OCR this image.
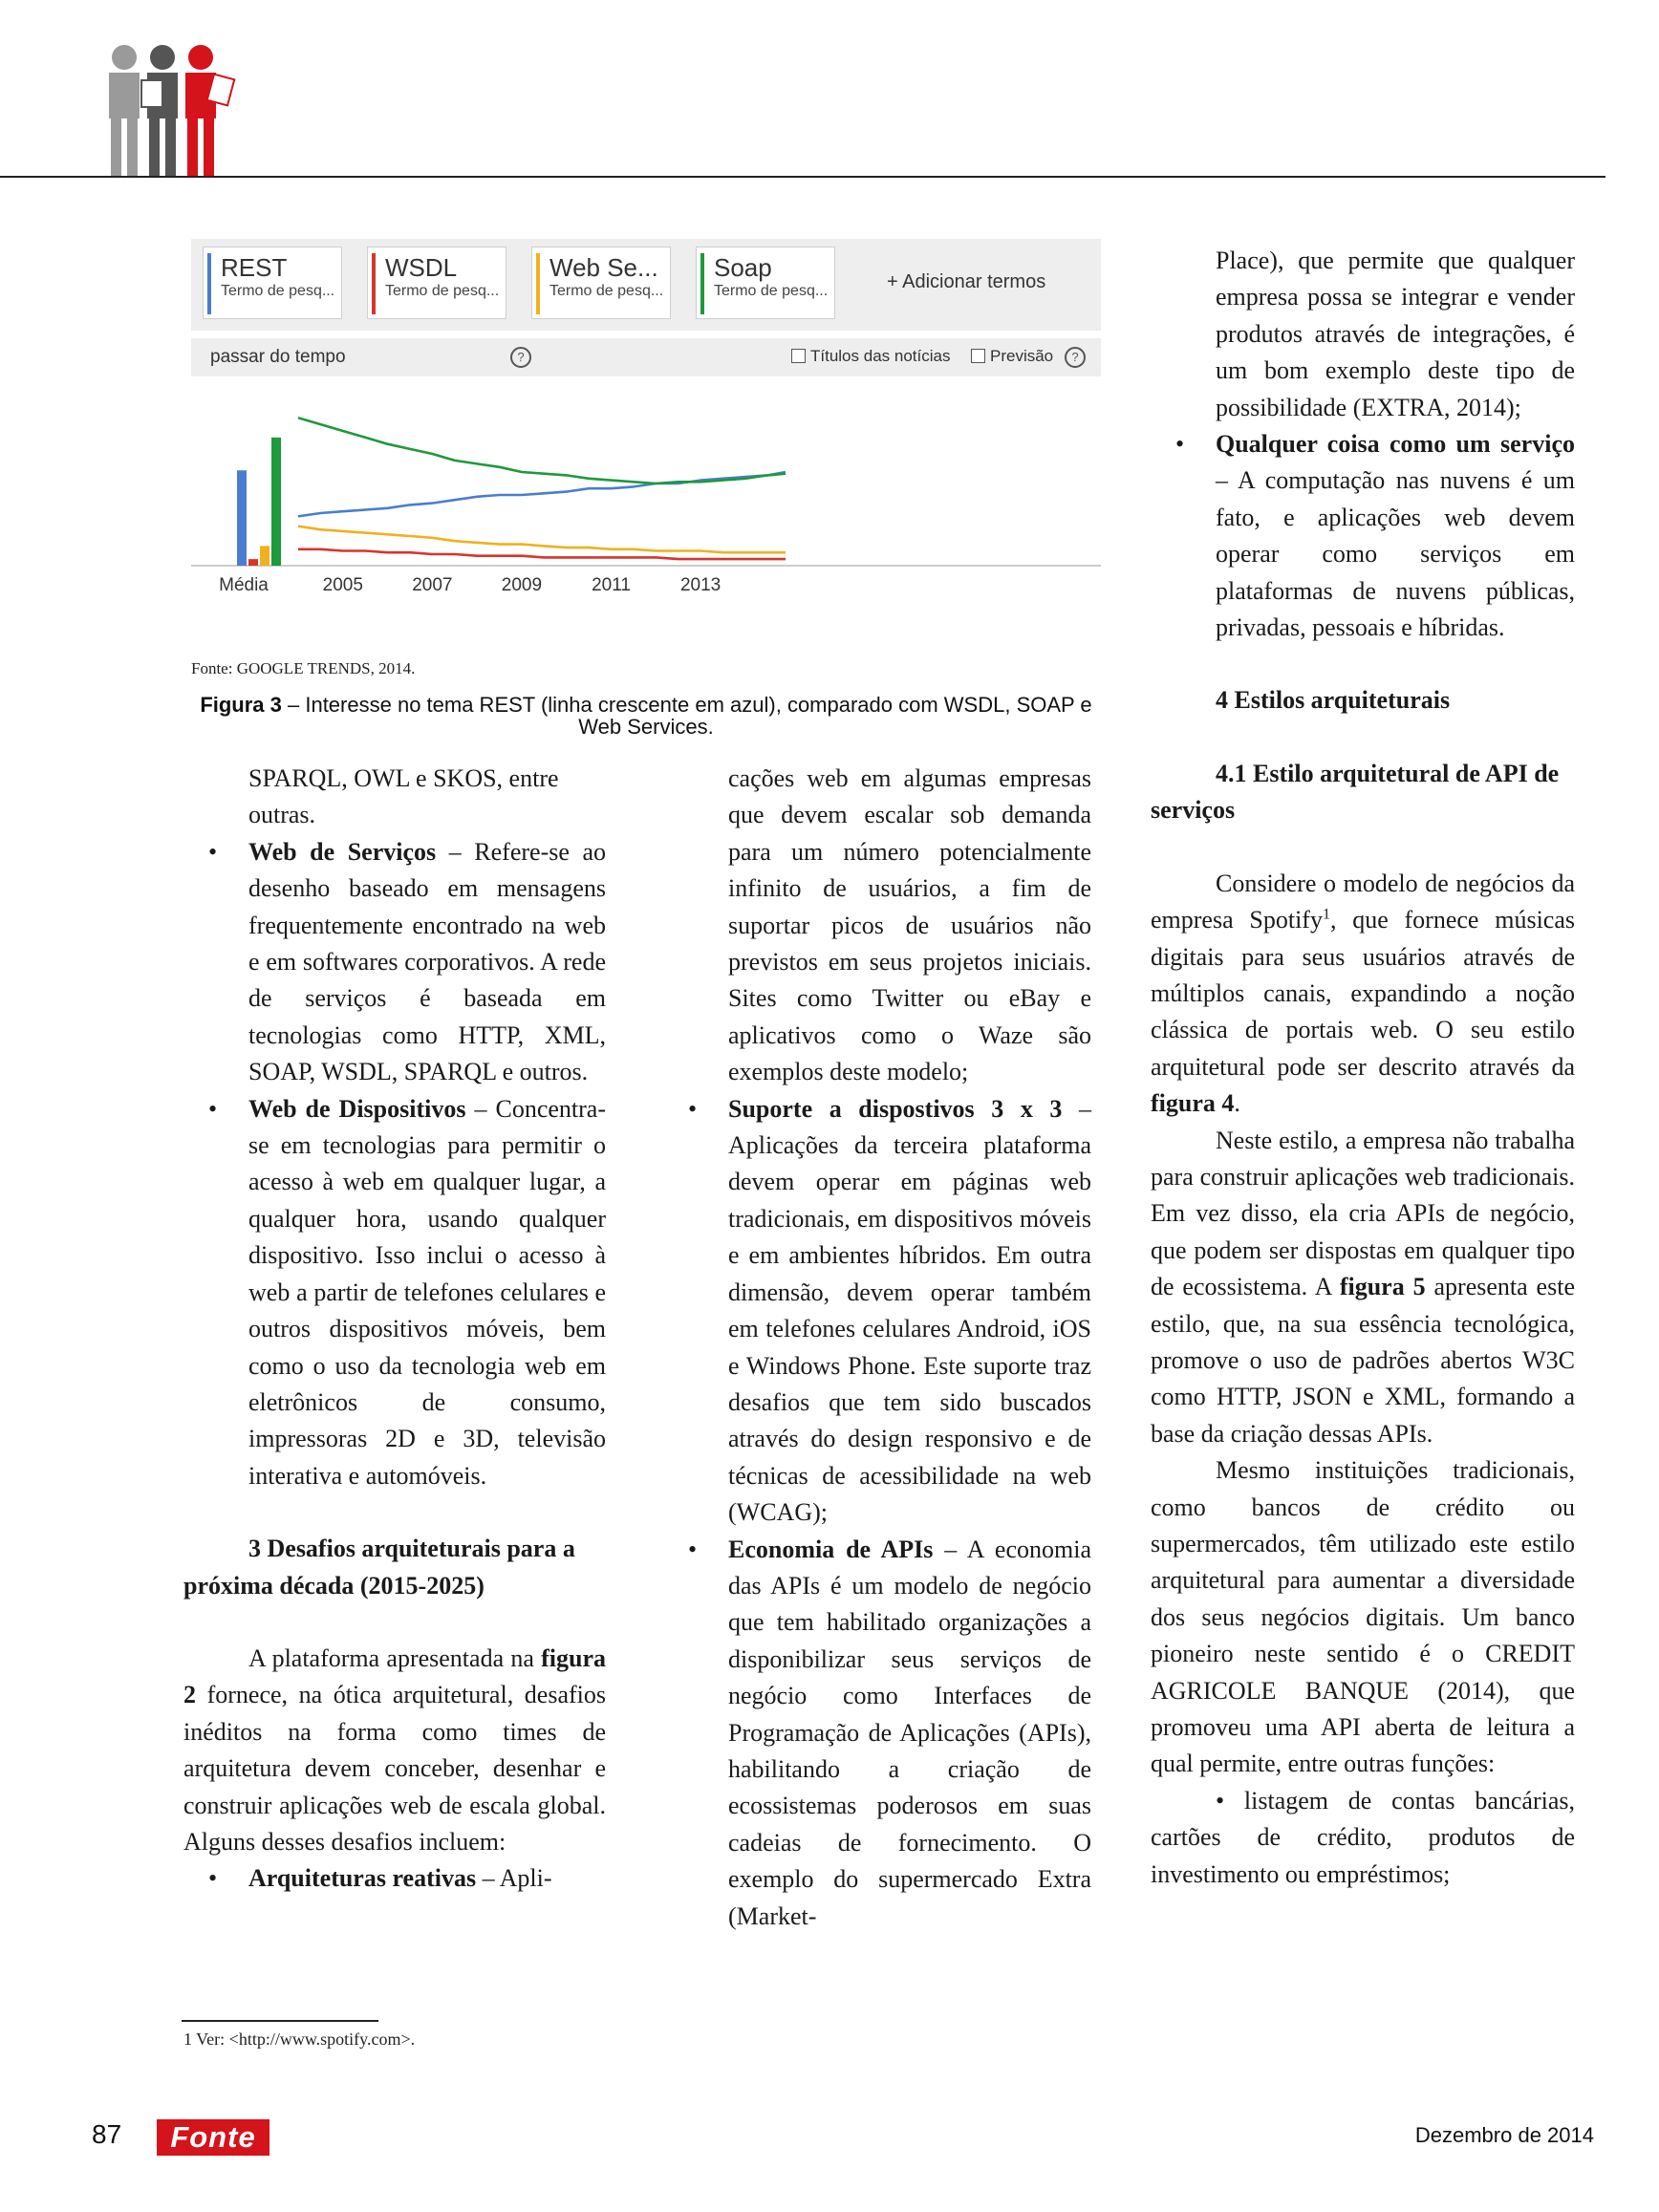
REST
Termo de pesq...
WSDL
Termo de pesq...
Web Se...
Termo de pesq...
Soap
Termo de pesq...	+ Adicionar termos
passar do tempo	?	Títulos das notícias Previsão	?
Média	2005	2007	2009	2011	2013
Fonte: GOOGLE TRENDS, 2014.
Figura 3 – Interesse no tema REST (linha crescente em azul), comparado com WSDL, SOAP e Web Services.

SPARQL, OWL e SKOS, entre outras.

• Web de Serviços – Refere-se ao desenho baseado em mensagens frequentemente encontrado na web e em softwares corporativos. A rede de serviços é baseada em tecnologias como HTTP, XML, SOAP, WSDL, SPARQL e outros.

• Web de Dispositivos – Concentra-se em tecnologias para permitir o acesso à web em qualquer lugar, a qualquer hora, usando qualquer dispositivo. Isso inclui o acesso à web a partir de telefones celulares e outros dispositivos móveis, bem como o uso da tecnologia web em eletrônicos de consumo, impressoras 2D e 3D, televisão interativa e automóveis.

3 Desafios arquiteturais para a próxima década (2015-2025)

A plataforma apresentada na figura 2 fornece, na ótica arquitetural, desafios inéditos na forma como times de arquitetura devem conceber, desenhar e construir aplicações web de escala global. Alguns desses desafios incluem:

• Arquiteturas reativas – Apli-

cações web em algumas empresas que devem escalar sob demanda para um número potencialmente infinito de usuários, a fim de suportar picos de usuários não previstos em seus projetos iniciais. Sites como Twitter ou eBay e aplicativos como o Waze são exemplos deste modelo;

• Suporte a dispostivos 3 x 3 – Aplicações da terceira plataforma devem operar em páginas web tradicionais, em dispositivos móveis e em ambientes híbridos. Em outra dimensão, devem operar também em telefones celulares Android, iOS e Windows Phone. Este suporte traz desafios que tem sido buscados através do design responsivo e de técnicas de acessibilidade na web (WCAG);

• Economia de APIs – A economia das APIs é um modelo de negócio que tem habilitado organizações a disponibilizar seus serviços de negócio como Interfaces de Programação de Aplicações (APIs), habilitando a criação de ecossistemas poderosos em suas cadeias de fornecimento. O exemplo do supermercado Extra (Market-

Place), que permite que qualquer empresa possa se integrar e vender produtos através de integrações, é um bom exemplo deste tipo de possibilidade (EXTRA, 2014);

• Qualquer coisa como um serviço – A computação nas nuvens é um fato, e aplicações web devem operar como serviços em plataformas de nuvens públicas, privadas, pessoais e híbridas.

4 Estilos arquiteturais

4.1 Estilo arquitetural de API de serviços

Considere o modelo de negócios da empresa Spotify$^1$, que fornece músicas digitais para seus usuários através de múltiplos canais, expandindo a noção clássica de portais web. O seu estilo arquitetural pode ser descrito através da figura 4.

Neste estilo, a empresa não trabalha para construir aplicações web tradicionais. Em vez disso, ela cria APIs de negócio, que podem ser dispostas em qualquer tipo de ecossistema. A figura 5 apresenta este estilo, que, na sua essência tecnológica, promove o uso de padrões abertos W3C como HTTP, JSON e XML, formando a base da criação dessas APIs.

Mesmo instituições tradicionais, como bancos de crédito ou supermercados, têm utilizado este estilo arquitetural para aumentar a diversidade dos seus negócios digitais. Um banco pioneiro neste sentido é o CREDIT AGRICOLE BANQUE (2014), que promoveu uma API aberta de leitura a qual permite, entre outras funções:

• listagem de contas bancárias, cartões de crédito, produtos de investimento ou empréstimos;

1 Ver: <http://www.spotify.com>.
87	Fonte	Dezembro de 2014
